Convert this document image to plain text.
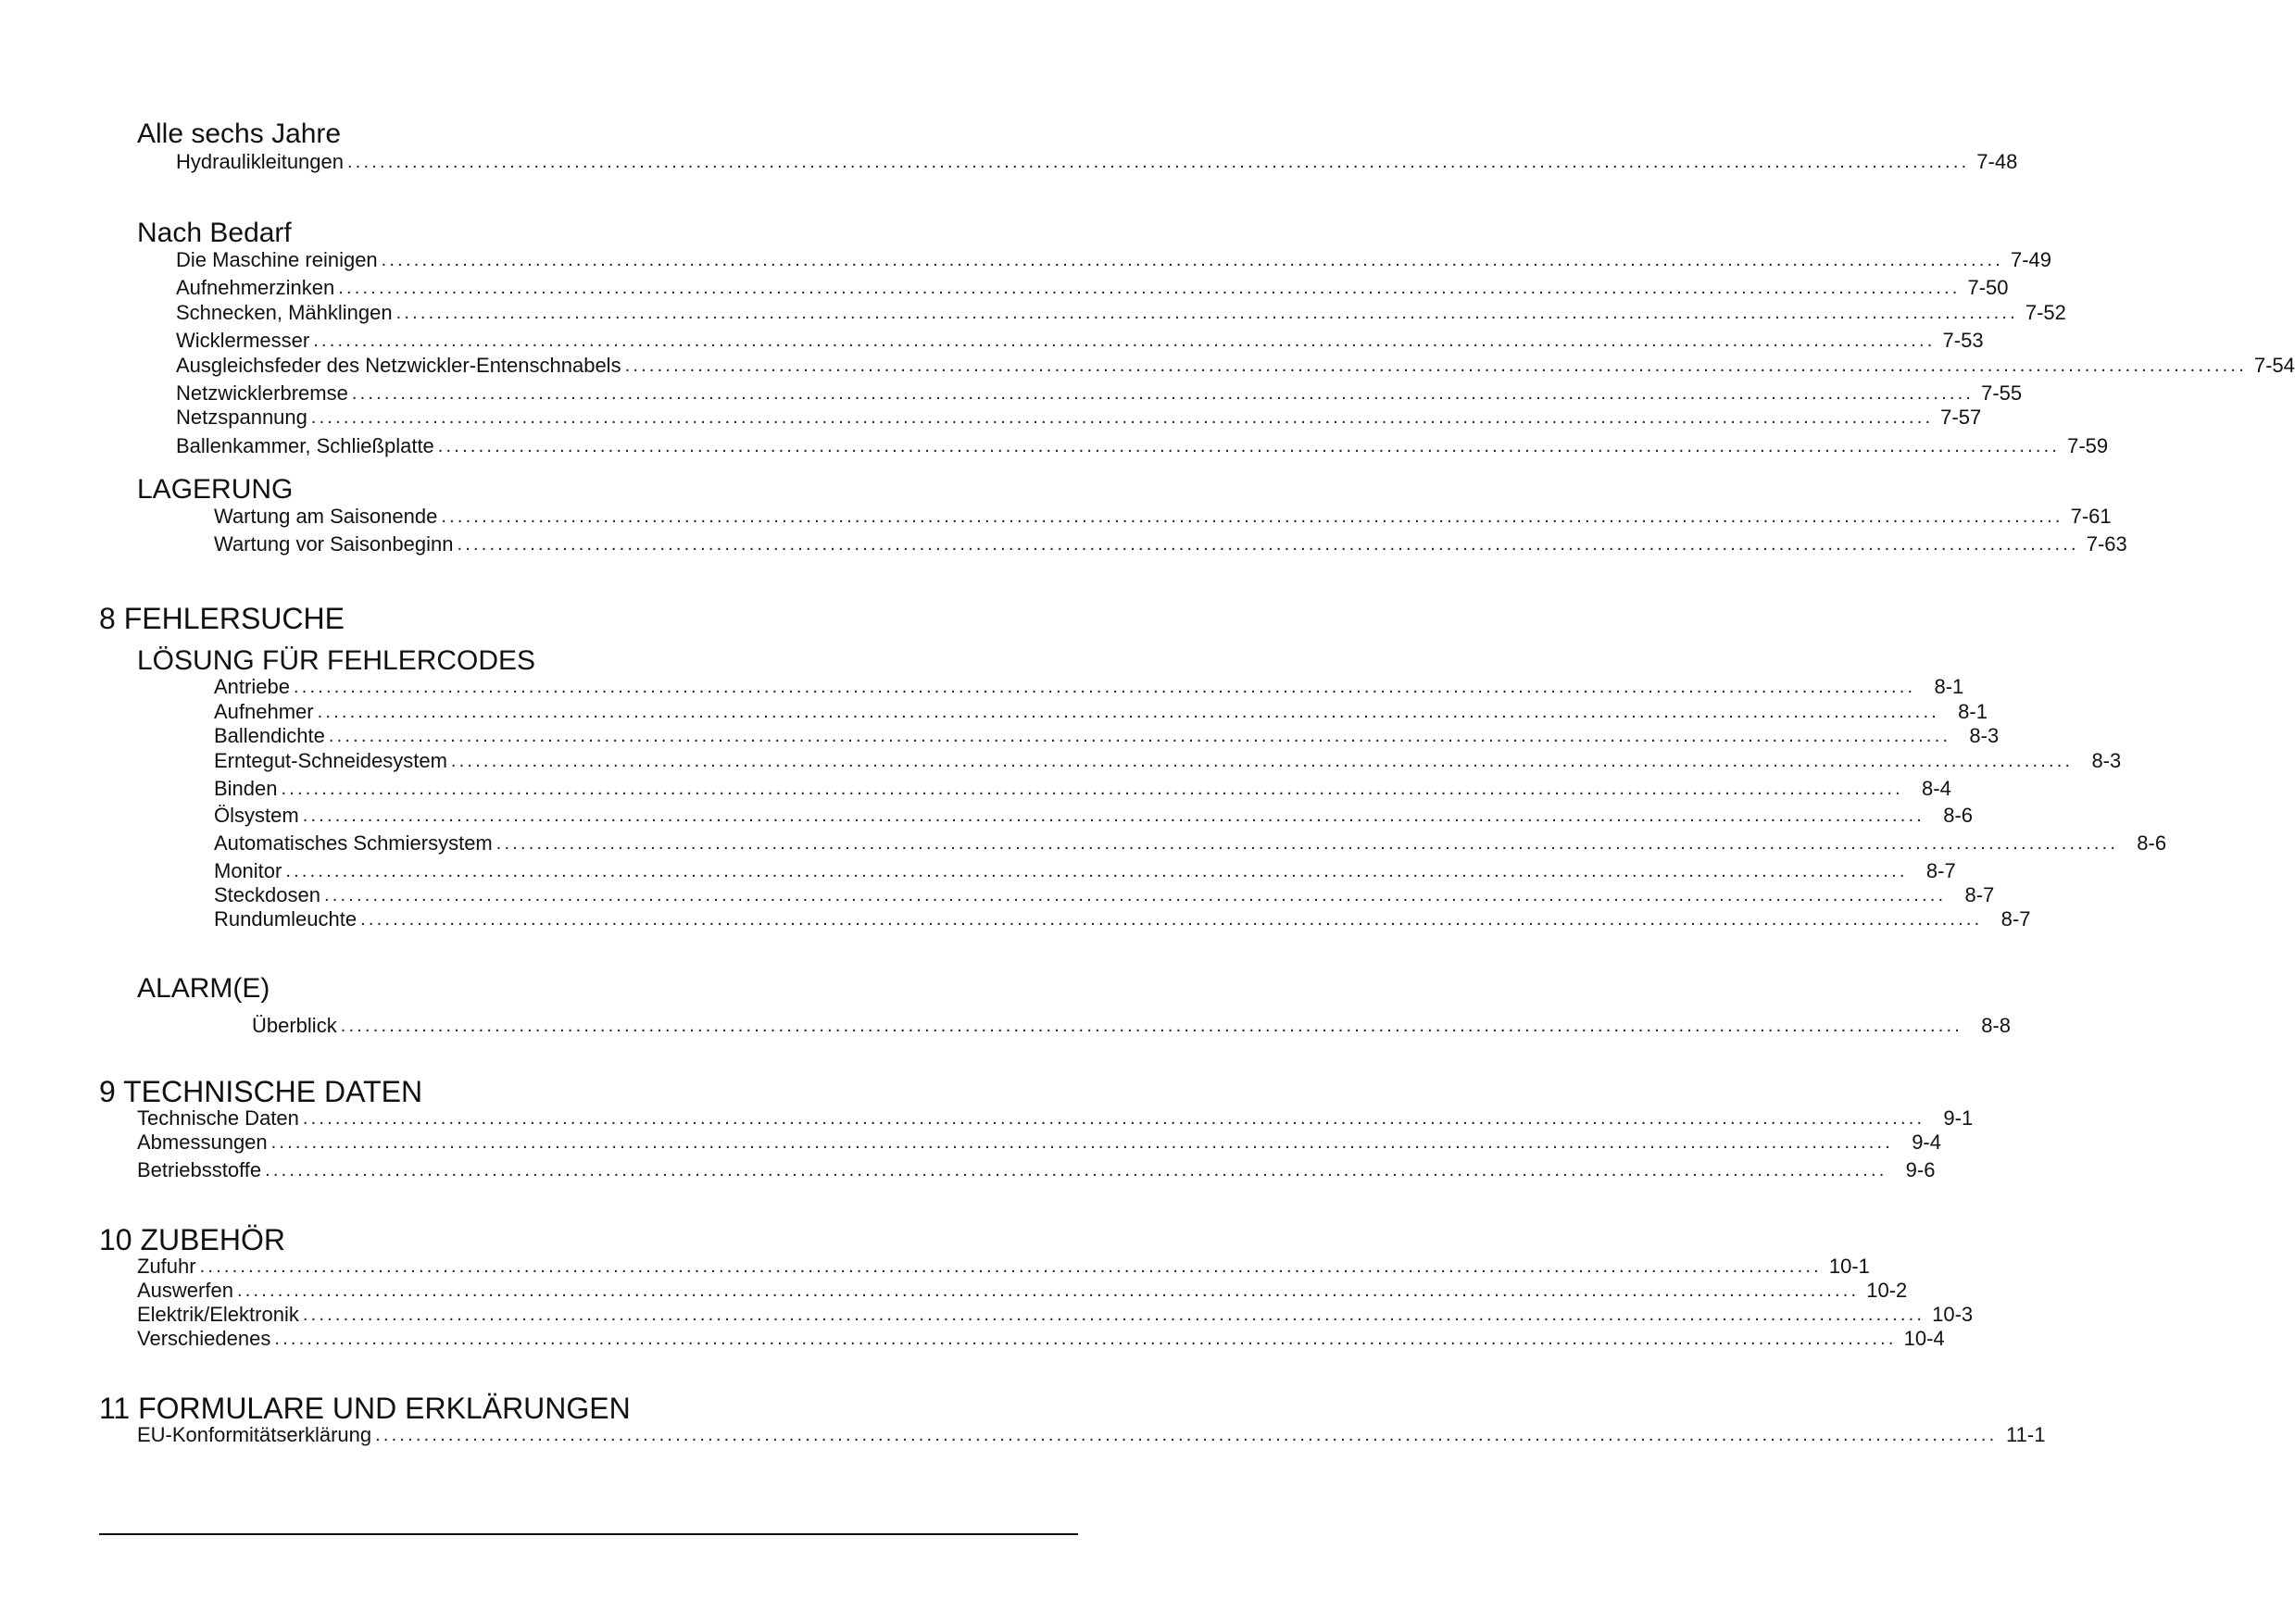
Alle sechs Jahre
Hydraulikleitungen ........................................................................................................................................................................................................ 7-48
Nach Bedarf
Die Maschine reinigen ........................................................................................................................................................................................................ 7-49
Aufnehmerzinken ........................................................................................................................................................................................................ 7-50
Schnecken, Mähklingen ........................................................................................................................................................................................................ 7-52
Wicklermesser ........................................................................................................................................................................................................ 7-53
Ausgleichsfeder des Netzwickler-Entenschnabels ........................................................................................................................................................................................................ 7-54
Netzwicklerbremse ........................................................................................................................................................................................................ 7-55
Netzspannung ........................................................................................................................................................................................................ 7-57
Ballenkammer, Schließplatte ........................................................................................................................................................................................................ 7-59
LAGERUNG
Wartung am Saisonende ........................................................................................................................................................................................................ 7-61
Wartung vor Saisonbeginn ........................................................................................................................................................................................................ 7-63
8 FEHLERSUCHE
LÖSUNG FÜR FEHLERCODES
Antriebe ........................................................................................................................................................................................................ 8-1
Aufnehmer ........................................................................................................................................................................................................ 8-1
Ballendichte ........................................................................................................................................................................................................ 8-3
Erntegut-Schneidesystem ........................................................................................................................................................................................................ 8-3
Binden ........................................................................................................................................................................................................ 8-4
Ölsystem ........................................................................................................................................................................................................ 8-6
Automatisches Schmiersystem ........................................................................................................................................................................................................ 8-6
Monitor ........................................................................................................................................................................................................ 8-7
Steckdosen ........................................................................................................................................................................................................ 8-7
Rundumleuchte ........................................................................................................................................................................................................ 8-7
ALARM(E)
Überblick ........................................................................................................................................................................................................ 8-8
9 TECHNISCHE DATEN
Technische Daten ........................................................................................................................................................................................................ 9-1
Abmessungen ........................................................................................................................................................................................................ 9-4
Betriebsstoffe ........................................................................................................................................................................................................ 9-6
10 ZUBEHÖR
Zufuhr ........................................................................................................................................................................................................ 10-1
Auswerfen ........................................................................................................................................................................................................ 10-2
Elektrik/Elektronik ........................................................................................................................................................................................................ 10-3
Verschiedenes ........................................................................................................................................................................................................ 10-4
11 FORMULARE UND ERKLÄRUNGEN
EU-Konformitätserklärung ........................................................................................................................................................................................................ 11-1
